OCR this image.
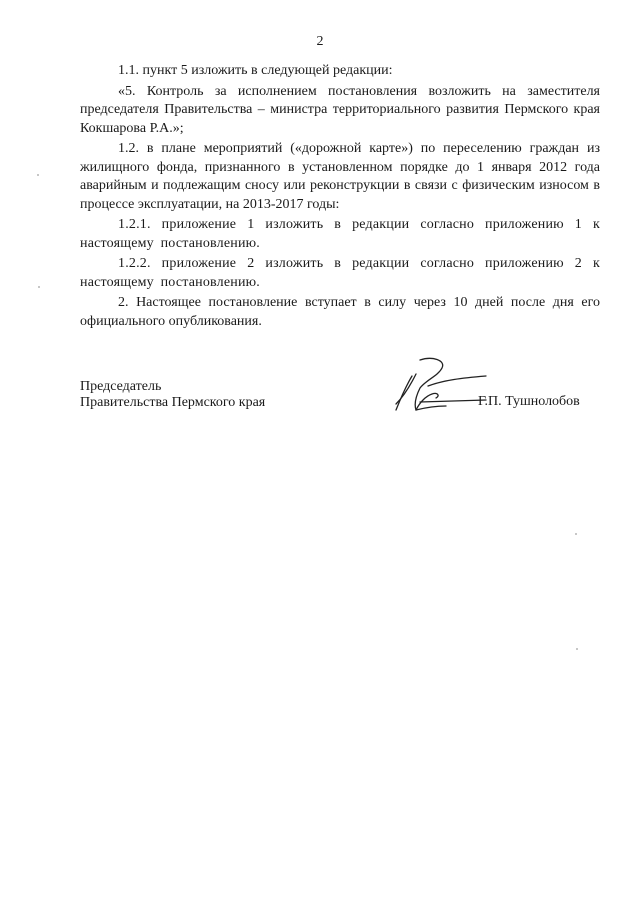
2

1.1. пункт 5 изложить в следующей редакции:

«5. Контроль за исполнением постановления возложить на заместителя председателя Правительства – министра территориального развития Пермского края Кокшарова Р.А.»;

1.2. в плане мероприятий («дорожной карте») по переселению граждан из жилищного фонда, признанного в установленном порядке до 1 января 2012 года аварийным и подлежащим сносу или реконструкции в связи с физическим износом в процессе эксплуатации, на 2013-2017 годы:

1.2.1. приложение 1 изложить в редакции согласно приложению 1 к настоящему постановлению.

1.2.2. приложение 2 изложить в редакции согласно приложению 2 к настоящему постановлению.

2. Настоящее постановление вступает в силу через 10 дней после дня его официального опубликования.

Председатель
Правительства Пермского края	Г.П. Тушнолобов
